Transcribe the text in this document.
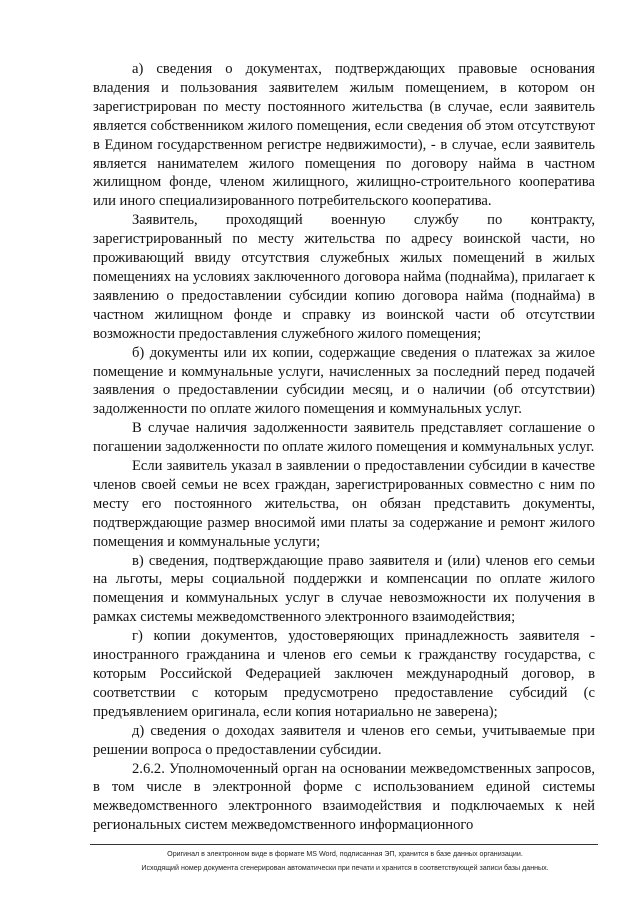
а) сведения о документах, подтверждающих правовые основания владения и пользования заявителем жилым помещением, в котором он зарегистрирован по месту постоянного жительства (в случае, если заявитель является собственником жилого помещения, если сведения об этом отсутствуют в Едином государственном регистре недвижимости), - в случае, если заявитель является нанимателем жилого помещения по договору найма в частном жилищном фонде, членом жилищного, жилищно-строительного кооператива или иного специализированного потребительского кооператива.

Заявитель, проходящий военную службу по контракту, зарегистрированный по месту жительства по адресу воинской части, но проживающий ввиду отсутствия служебных жилых помещений в жилых помещениях на условиях заключенного договора найма (поднайма), прилагает к заявлению о предоставлении субсидии копию договора найма (поднайма) в частном жилищном фонде и справку из воинской части об отсутствии возможности предоставления служебного жилого помещения;

б) документы или их копии, содержащие сведения о платежах за жилое помещение и коммунальные услуги, начисленных за последний перед подачей заявления о предоставлении субсидии месяц, и о наличии (об отсутствии) задолженности по оплате жилого помещения и коммунальных услуг.

В случае наличия задолженности заявитель представляет соглашение о погашении задолженности по оплате жилого помещения и коммунальных услуг.

Если заявитель указал в заявлении о предоставлении субсидии в качестве членов своей семьи не всех граждан, зарегистрированных совместно с ним по месту его постоянного жительства, он обязан представить документы, подтверждающие размер вносимой ими платы за содержание и ремонт жилого помещения и коммунальные услуги;

в) сведения, подтверждающие право заявителя и (или) членов его семьи на льготы, меры социальной поддержки и компенсации по оплате жилого помещения и коммунальных услуг в случае невозможности их получения в рамках системы межведомственного электронного взаимодействия;

г) копии документов, удостоверяющих принадлежность заявителя - иностранного гражданина и членов его семьи к гражданству государства, с которым Российской Федерацией заключен международный договор, в соответствии с которым предусмотрено предоставление субсидий (с предъявлением оригинала, если копия нотариально не заверена);

д) сведения о доходах заявителя и членов его семьи, учитываемые при решении вопроса о предоставлении субсидии.

2.6.2. Уполномоченный орган на основании межведомственных запросов, в том числе в электронной форме с использованием единой системы межведомственного электронного взаимодействия и подключаемых к ней региональных систем межведомственного информационного

Оригинал в электронном виде в формате MS Word, подписанная ЭП, хранится в базе данных организации.
Исходящий номер документа сгенерирован автоматически при печати и хранится в соответствующей записи базы данных.
